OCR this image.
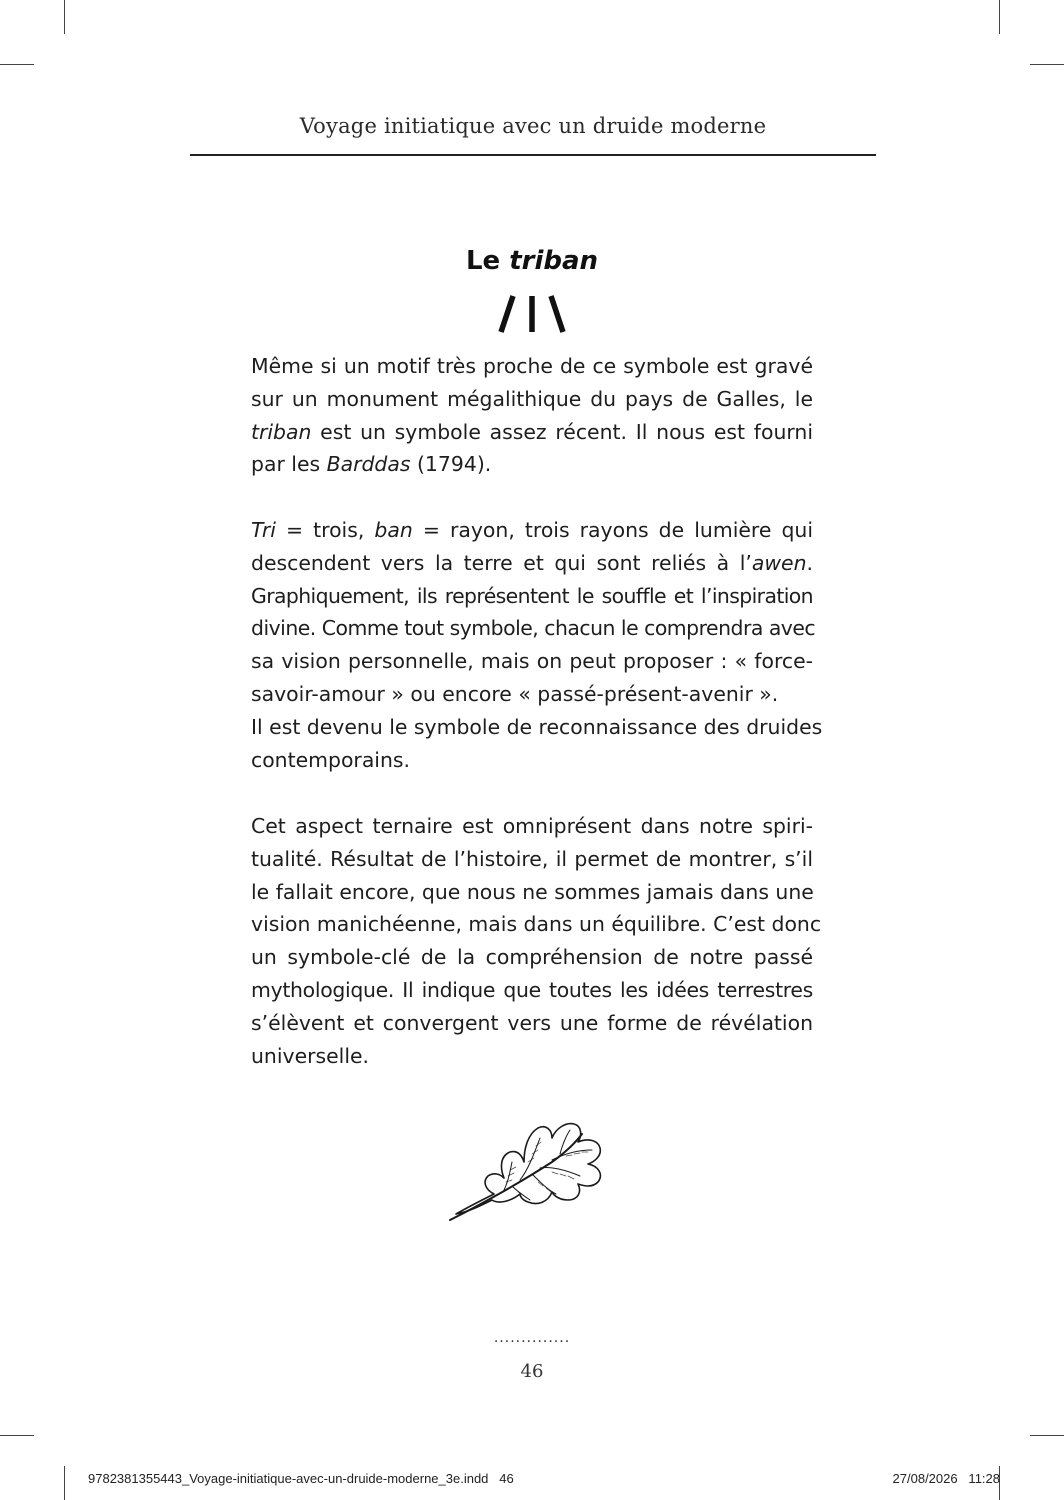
Voyage initiatique avec un druide moderne
Le triban
Même si un motif très proche de ce symbole est gravé
sur un monument mégalithique du pays de Galles, le
triban est un symbole assez récent. Il nous est fourni
par les Barddas (1794).
Tri = trois, ban = rayon, trois rayons de lumière qui
descendent vers la terre et qui sont reliés à l’awen.
Graphiquement, ils représentent le souffle et l’inspiration
divine. Comme tout symbole, chacun le comprendra avec
sa vision personnelle, mais on peut proposer : « force-
savoir-amour » ou encore « passé-présent-avenir ».
Il est devenu le symbole de reconnaissance des druides
contemporains.
Cet aspect ternaire est omniprésent dans notre spiri-
tualité. Résultat de l’histoire, il permet de montrer, s’il
le fallait encore, que nous ne sommes jamais dans une
vision manichéenne, mais dans un équilibre. C’est donc
un symbole-clé de la compréhension de notre passé
mythologique. Il indique que toutes les idées terrestres
s’élèvent et convergent vers une forme de révélation
universelle.
..............
46
9782381355443_Voyage-initiatique-avec-un-druide-moderne_3e.indd   46	27/08/2026   11:28
